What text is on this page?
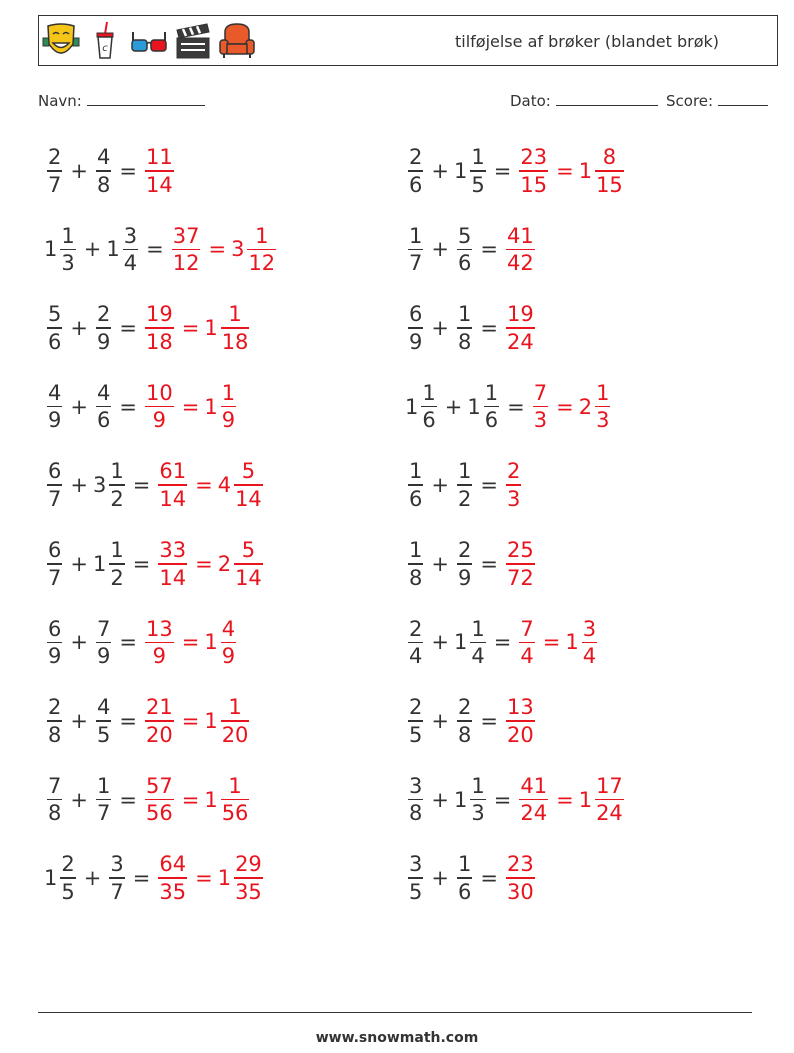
c	tilføjelse af brøker (blandet brøk)
Navn:	Dato:	Score:
$\frac{2}{7} + \frac{4}{8} = \frac{11}{14}$	$\frac{2}{6} + 1 \frac{1}{5} = \frac{23}{15} = 1 \frac{8}{15}$
$1 \frac{1}{3} + 1 \frac{3}{4} = \frac{37}{12} = 3 \frac{1}{12}$	$\frac{1}{7} + \frac{5}{6} = \frac{41}{42}$
$\frac{5}{6} + \frac{2}{9} = \frac{19}{18} = 1 \frac{1}{18}$	$\frac{6}{9} + \frac{1}{8} = \frac{19}{24}$
$\frac{4}{9} + \frac{4}{6} = \frac{10}{9} = 1 \frac{1}{9}$	$1 \frac{1}{6} + 1 \frac{1}{6} = \frac{7}{3} = 2 \frac{1}{3}$
$\frac{6}{7} + 3 \frac{1}{2} = \frac{61}{14} = 4 \frac{5}{14}$	$\frac{1}{6} + \frac{1}{2} = \frac{2}{3}$
$\frac{6}{7} + 1 \frac{1}{2} = \frac{33}{14} = 2 \frac{5}{14}$	$\frac{1}{8} + \frac{2}{9} = \frac{25}{72}$
$\frac{6}{9} + \frac{7}{9} = \frac{13}{9} = 1 \frac{4}{9}$	$\frac{2}{4} + 1 \frac{1}{4} = \frac{7}{4} = 1 \frac{3}{4}$
$\frac{2}{8} + \frac{4}{5} = \frac{21}{20} = 1 \frac{1}{20}$	$\frac{2}{5} + \frac{2}{8} = \frac{13}{20}$
$\frac{7}{8} + \frac{1}{7} = \frac{57}{56} = 1 \frac{1}{56}$	$\frac{3}{8} + 1 \frac{1}{3} = \frac{41}{24} = 1 \frac{17}{24}$
$1 \frac{2}{5} + \frac{3}{7} = \frac{64}{35} = 1 \frac{29}{35}$	$\frac{3}{5} + \frac{1}{6} = \frac{23}{30}$
www.snowmath.com
